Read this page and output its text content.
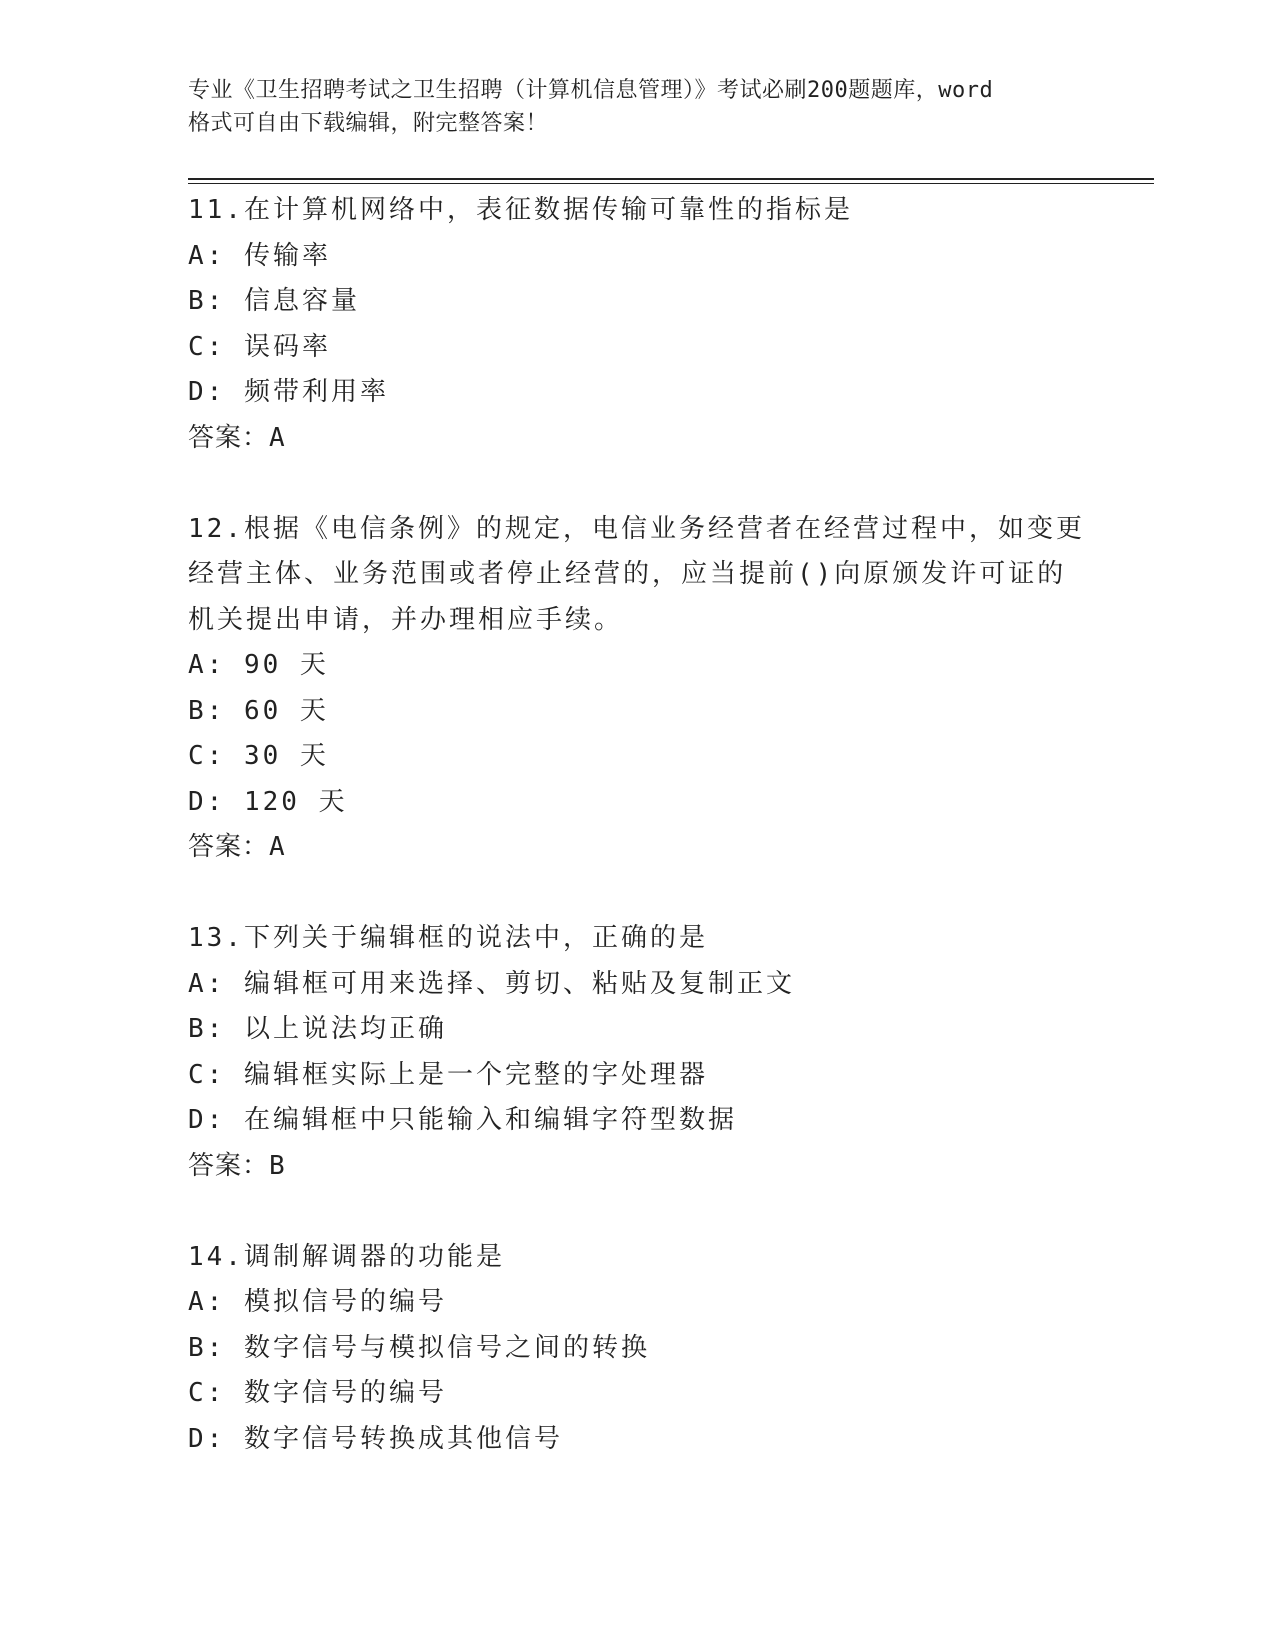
专业《卫生招聘考试之卫生招聘（计算机信息管理）》考试必刷200题题库，word
格式可自由下载编辑，附完整答案！
11.在计算机网络中，表征数据传输可靠性的指标是
A: 传输率
B: 信息容量
C: 误码率
D: 频带利用率
答案：A
12.根据《电信条例》的规定，电信业务经营者在经营过程中，如变更
经营主体、业务范围或者停止经营的，应当提前()向原颁发许可证的
机关提出申请，并办理相应手续。
A: 90 天
B: 60 天
C: 30 天
D: 120 天
答案：A
13.下列关于编辑框的说法中，正确的是
A: 编辑框可用来选择、剪切、粘贴及复制正文
B: 以上说法均正确
C: 编辑框实际上是一个完整的字处理器
D: 在编辑框中只能输入和编辑字符型数据
答案：B
14.调制解调器的功能是
A: 模拟信号的编号
B: 数字信号与模拟信号之间的转换
C: 数字信号的编号
D: 数字信号转换成其他信号
